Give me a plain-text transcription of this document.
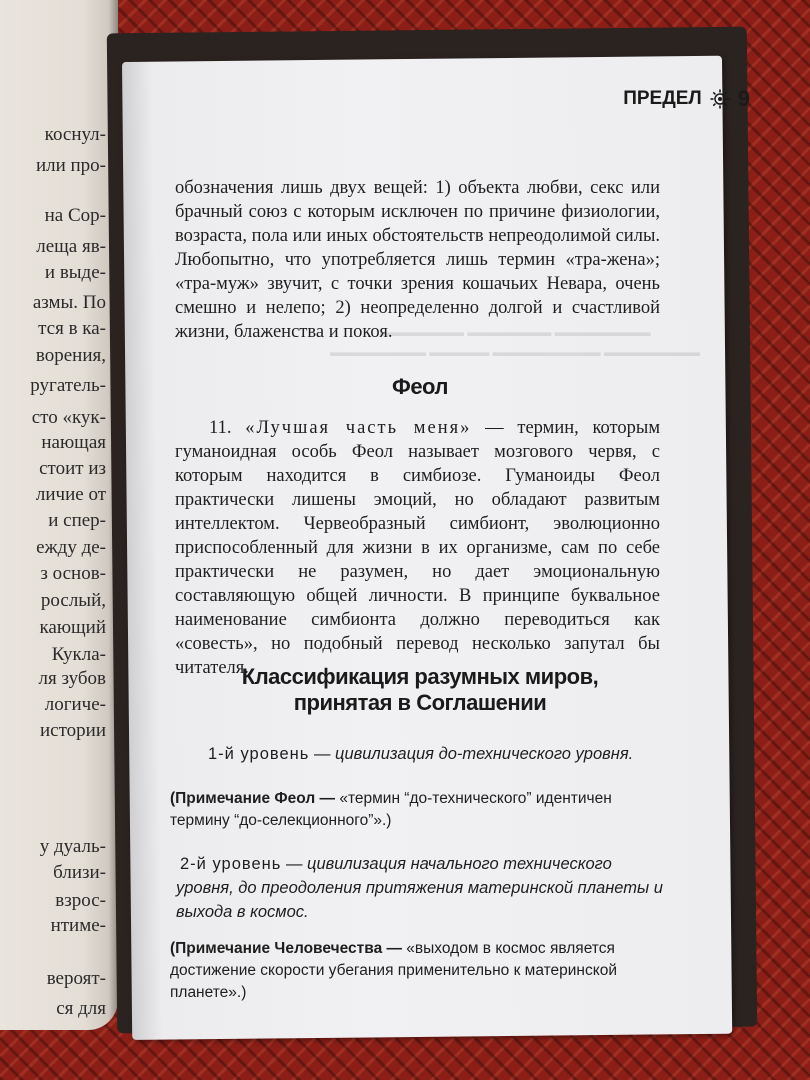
коснул-
или про-
на Сор-
леща яв-
и выде-
азмы. По
тся в ка-
ворения,
ругатель-
сто «кук-
нающая
стоит из
личие от
и спер-
ежду де-
з основ-
рослый,
кающий
Кукла-
ля зубов
логиче-
истории
у дуаль-
близи-
взрос-
нтиме-
вероят-
ся для
▬▬▬▬▬▬▬ ▬▬▬▬▬▬▬ ▬▬▬▬▬▬▬▬
▬▬▬▬▬▬▬▬ ▬▬▬▬▬ ▬▬▬▬▬▬▬▬▬ ▬▬▬▬▬▬▬▬
ПРЕДЕЛ 9

обозначения лишь двух вещей: 1) объекта любви, секс или брачный союз с которым исключен по причине физиологии, возраста, пола или иных обстоятельств непреодолимой силы. Любопытно, что употребляется лишь термин «тра-жена»; «тра-муж» звучит, с точки зрения кошачьих Невара, очень смешно и нелепо; 2) неопределенно долгой и счастливой жизни, блаженства и покоя.

Феол

11. «Лучшая часть меня» — термин, которым гуманоидная особь Феол называет мозгового червя, с которым находится в симбиозе. Гуманоиды Феол практически лишены эмоций, но обладают развитым интеллектом. Червеобразный симбионт, эволюционно приспособленный для жизни в их организме, сам по себе практически не разумен, но дает эмоциональную составляющую общей личности. В принципе буквальное наименование симбионта должно переводиться как «совесть», но подобный перевод несколько запутал бы читателя.

Классификация разумных миров,
принятая в Соглашении
1-й уровень — цивилизация до-технического уровня.
(Примечание Феол — «термин “до-технического” идентичен термину “до-селекционного”».)
2-й уровень — цивилизация начального технического уровня, до преодоления притяжения материнской планеты и выхода в космос.
(Примечание Человечества — «выходом в космос является достижение скорости убегания применительно к материнской планете».)
